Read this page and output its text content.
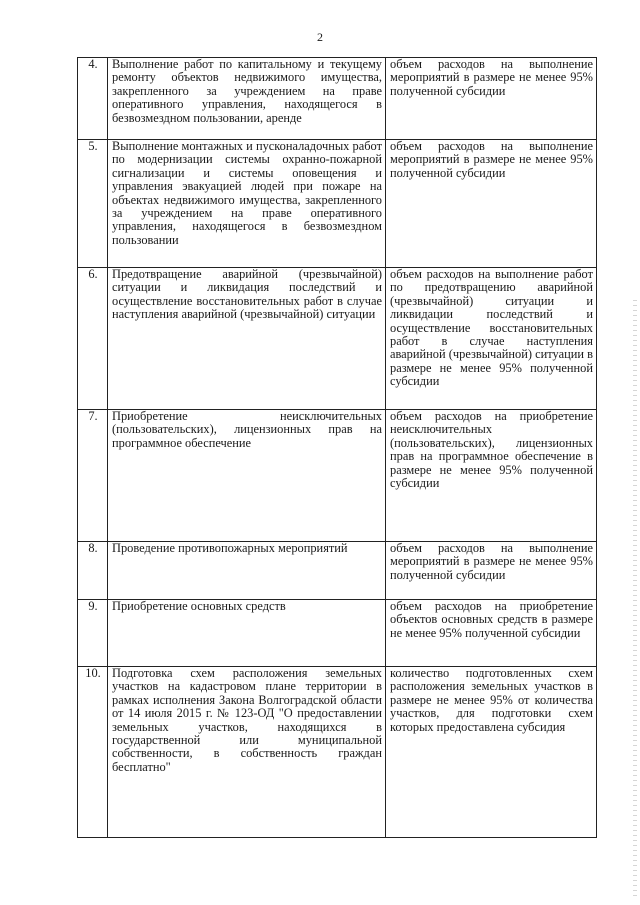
2
4.	Выполнение работ по капитальному и текущему ремонту объектов недвижимого имущества, закрепленного за учреждением на праве оперативного управления, находящегося в безвозмездном пользовании, аренде	объем расходов на выполнение мероприятий в размере не менее 95% полученной субсидии
5.	Выполнение монтажных и пусконаладочных работ по модернизации системы охранно-пожарной сигнализации и системы оповещения и управления эвакуацией людей при пожаре на объектах недвижимого имущества, закрепленного за учреждением на праве оперативного управления, находящегося в безвозмездном пользовании	объем расходов на выполнение мероприятий в размере не менее 95% полученной субсидии
6.	Предотвращение аварийной (чрезвычайной) ситуации и ликвидация последствий и осуществление восстановительных работ в случае наступления аварийной (чрезвычайной) ситуации	объем расходов на выполнение работ по предотвращению аварийной (чрезвычайной) ситуации и ликвидации последствий и осуществление восстановительных работ в случае наступления аварийной (чрезвычайной) ситуации в размере не менее 95% полученной субсидии
7.	Приобретение неисключительных (пользовательских), лицензионных прав на программное обеспечение	объем расходов на приобретение неисключительных (пользовательских), лицензионных прав на программное обеспечение в размере не менее 95% полученной субсидии
8.	Проведение противопожарных мероприятий	объем расходов на выполнение мероприятий в размере не менее 95% полученной субсидии
9.	Приобретение основных средств	объем расходов на приобретение объектов основных средств в размере не менее 95% полученной субсидии
10.	Подготовка схем расположения земельных участков на кадастровом плане территории в рамках исполнения Закона Волгоградской области от 14 июля 2015 г. № 123-ОД "О предоставлении земельных участков, находящихся в государственной или муниципальной собственности, в собственность граждан бесплатно"	количество подготовленных схем расположения земельных участков в размере не менее 95% от количества участков, для подготовки схем которых предоставлена субсидия
